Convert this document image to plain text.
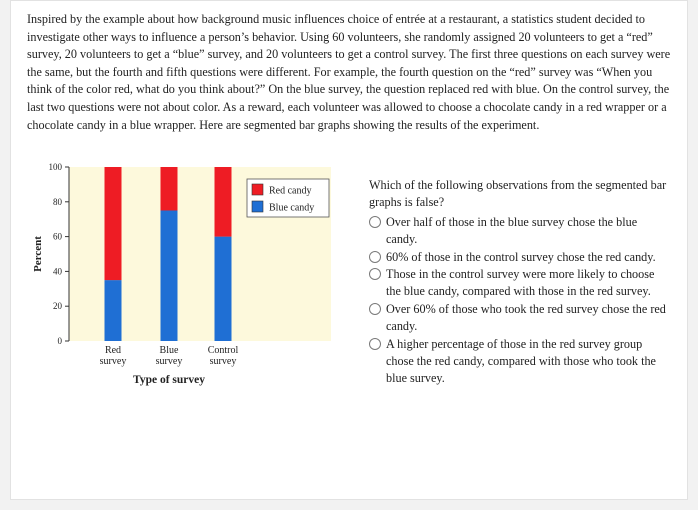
Inspired by the example about how background music influences choice of entrée at a restaurant, a statistics student decided to investigate other ways to influence a person’s behavior. Using 60 volunteers, she randomly assigned 20 volunteers to get a “red” survey, 20 volunteers to get a “blue” survey, and 20 volunteers to get a control survey. The first three questions on each survey were the same, but the fourth and fifth questions were different. For example, the fourth question on the “red” survey was “When you think of the color red, what do you think about?” On the blue survey, the question replaced red with blue. On the control survey, the last two questions were not about color. As a reward, each volunteer was allowed to choose a chocolate candy in a red wrapper or a chocolate candy in a blue wrapper. Here are segmented bar graphs showing the results of the experiment.

0
20
40
60
80
100
Percent
Red
survey
Blue
survey
Control
survey
Type of survey
Red candy
Blue candy

Which of the following observations from the segmented bar graphs is false?

Over half of those in the blue survey chose the blue candy.
60% of those in the control survey chose the red candy.
Those in the control survey were more likely to choose the blue candy, compared with those in the red survey.
Over 60% of those who took the red survey chose the red candy.
A higher percentage of those in the red survey group chose the red candy, compared with those who took the blue survey.
